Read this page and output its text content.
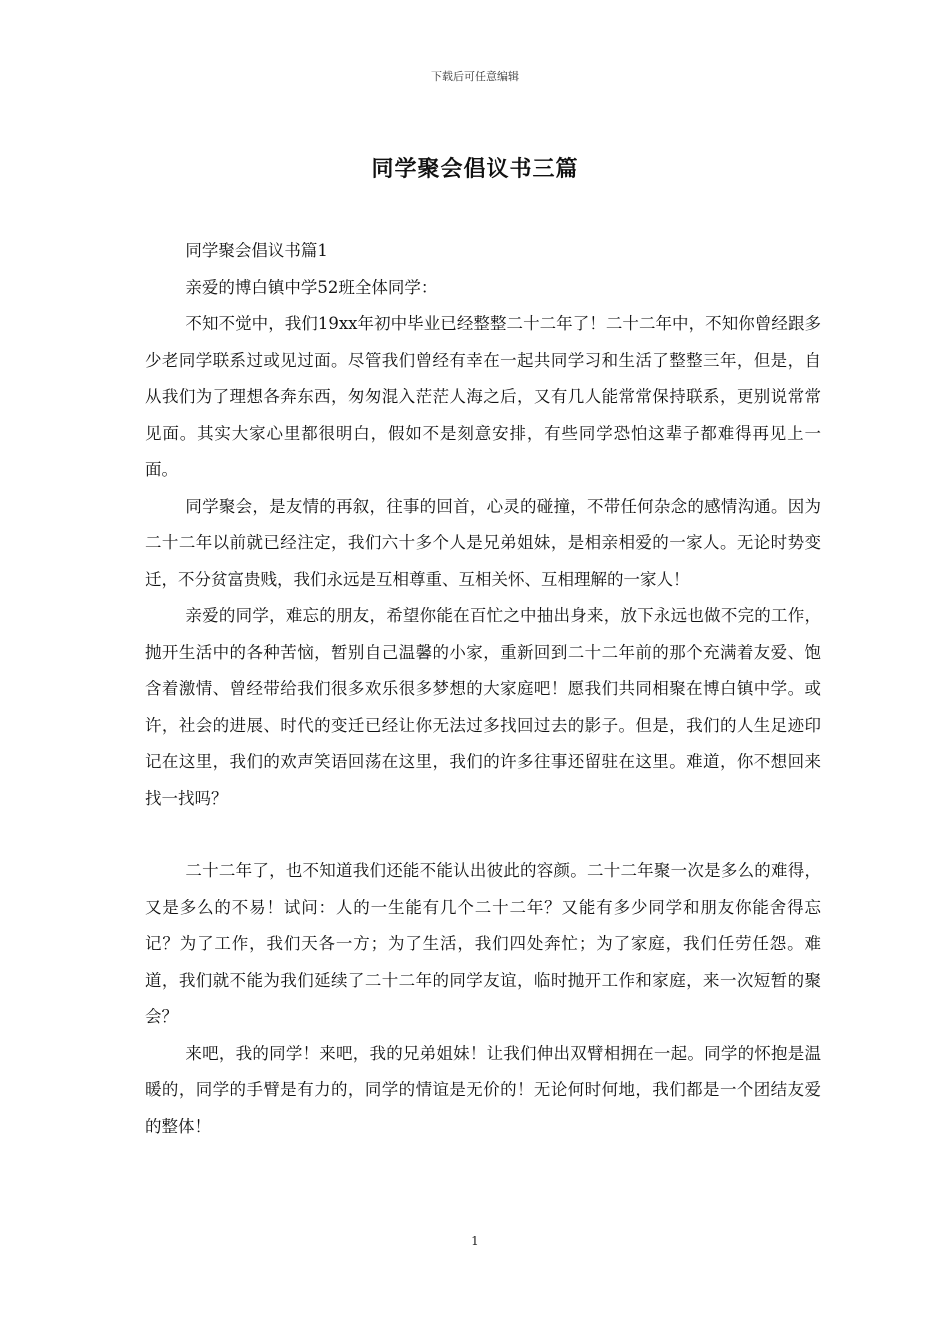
下载后可任意编辑
同学聚会倡议书三篇

同学聚会倡议书篇1

亲爱的博白镇中学52班全体同学：

不知不觉中，我们19xx年初中毕业已经整整二十二年了！二十二年中，不知你曾经跟多少老同学联系过或见过面。尽管我们曾经有幸在一起共同学习和生活了整整三年，但是，自从我们为了理想各奔东西，匆匆混入茫茫人海之后，又有几人能常常保持联系，更别说常常见面。其实大家心里都很明白，假如不是刻意安排，有些同学恐怕这辈子都难得再见上一面。

同学聚会，是友情的再叙，往事的回首，心灵的碰撞，不带任何杂念的感情沟通。因为二十二年以前就已经注定，我们六十多个人是兄弟姐妹，是相亲相爱的一家人。无论时势变迁，不分贫富贵贱，我们永远是互相尊重、互相关怀、互相理解的一家人！

亲爱的同学，难忘的朋友，希望你能在百忙之中抽出身来，放下永远也做不完的工作，抛开生活中的各种苦恼，暂别自己温馨的小家，重新回到二十二年前的那个充满着友爱、饱含着激情、曾经带给我们很多欢乐很多梦想的大家庭吧！愿我们共同相聚在博白镇中学。或许，社会的进展、时代的变迁已经让你无法过多找回过去的影子。但是，我们的人生足迹印记在这里，我们的欢声笑语回荡在这里，我们的许多往事还留驻在这里。难道，你不想回来找一找吗？

二十二年了，也不知道我们还能不能认出彼此的容颜。二十二年聚一次是多么的难得，又是多么的不易！试问：人的一生能有几个二十二年？又能有多少同学和朋友你能舍得忘记？为了工作，我们天各一方；为了生活，我们四处奔忙；为了家庭，我们任劳任怨。难道，我们就不能为我们延续了二十二年的同学友谊，临时抛开工作和家庭，来一次短暂的聚会？

来吧，我的同学！来吧，我的兄弟姐妹！让我们伸出双臂相拥在一起。同学的怀抱是温暖的，同学的手臂是有力的，同学的情谊是无价的！无论何时何地，我们都是一个团结友爱的整体！

1
